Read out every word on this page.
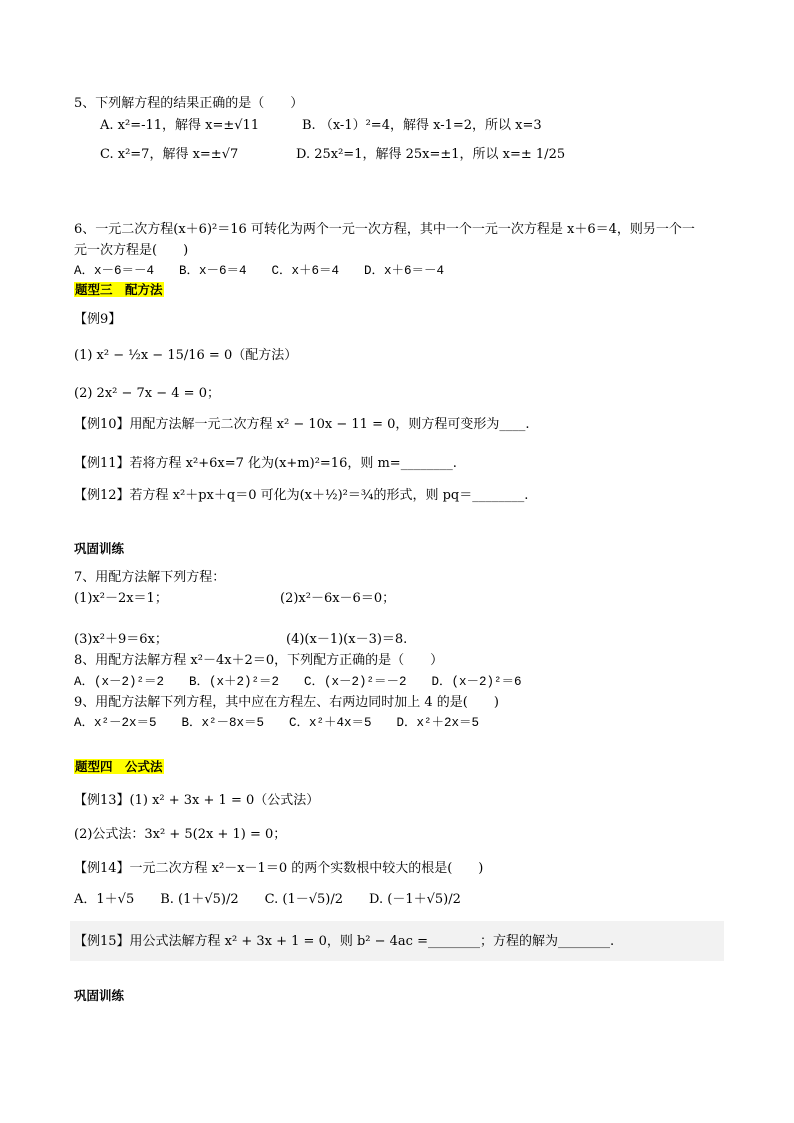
5、下列解方程的结果正确的是（　　）
A. x²=-11，解得 x=±√11	B. （x-1）²=4，解得 x-1=2，所以 x=3
C. x²=7，解得 x=±√7	D. 25x²=1，解得 25x=±1，所以 x=± 1/25
6、一元二次方程(x＋6)²＝16 可转化为两个一元一次方程，其中一个一元一次方程是 x＋6＝4，则另一个一
元一次方程是(　　)
A．x－6＝－4　　B．x－6＝4　　C．x＋6＝4　　D．x＋6＝－4
题型三　配方法
【例9】
(1) x² − ½x − 15/16 = 0（配方法）
(2) 2x² − 7x − 4 = 0；
【例10】用配方法解一元二次方程 x² − 10x − 11 = 0，则方程可变形为____.
【例11】若将方程 x²+6x=7 化为(x+m)²=16，则 m=________.
【例12】若方程 x²＋px＋q＝0 可化为(x＋½)²＝¾的形式，则 pq＝________.
巩固训练
7、用配方法解下列方程：
(1)x²－2x＝1；	(2)x²－6x－6＝0；
(3)x²＋9＝6x；	(4)(x－1)(x－3)＝8.
8、用配方法解方程 x²－4x＋2＝0，下列配方正确的是（　　）
A．(x－2)²＝2　　B．(x＋2)²＝2　　C．(x－2)²＝－2　　D．(x－2)²＝6
9、用配方法解下列方程，其中应在方程左、右两边同时加上 4 的是(　　)
A．x²－2x＝5　　B．x²－8x＝5　　C．x²＋4x＝5　　D．x²＋2x＝5
题型四　公式法
【例13】(1) x² + 3x + 1 = 0（公式法）
(2)公式法：3x² + 5(2x + 1) = 0；
【例14】一元二次方程 x²－x－1＝0 的两个实数根中较大的根是(　　)
A．1＋√5　　B. (1＋√5)/2　　C. (1－√5)/2　　D. (－1＋√5)/2
【例15】用公式法解方程 x² + 3x + 1 = 0，则 b² − 4ac =________；方程的解为________.
巩固训练
